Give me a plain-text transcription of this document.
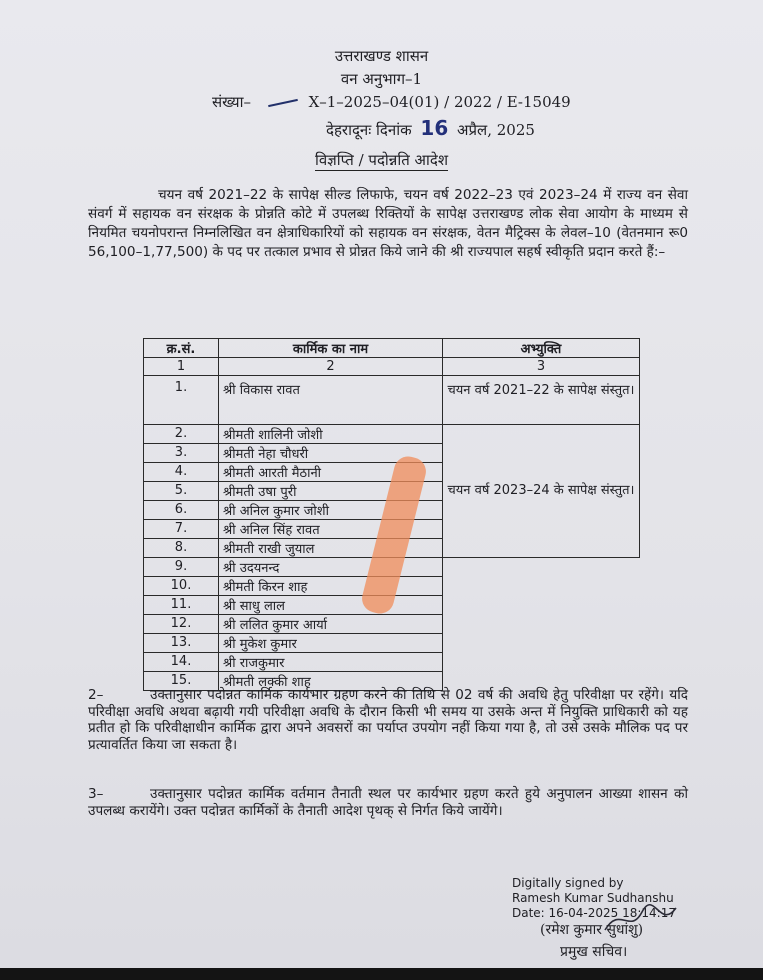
उत्तराखण्ड शासन
वन अनुभाग–1
संख्या–	X–1–2025–04(01) / 2022 / E-15049
देहरादूनः दिनांक 16 अप्रैल, 2025
विज्ञप्ति / पदोन्नति आदेश
चयन वर्ष 2021–22 के सापेक्ष सील्ड लिफाफे, चयन वर्ष 2022–23 एवं 2023–24 में राज्य वन सेवा संवर्ग में सहायक वन संरक्षक के प्रोन्नति कोटे में उपलब्ध रिक्तियों के सापेक्ष उत्तराखण्ड लोक सेवा आयोग के माध्यम से नियमित चयनोपरान्त निम्नलिखित वन क्षेत्राधिकारियों को सहायक वन संरक्षक, वेतन मैट्रिक्स के लेवल–10 (वेतनमान रू0 56,100–1,77,500) के पद पर तत्काल प्रभाव से प्रोन्नत किये जाने की श्री राज्यपाल सहर्ष स्वीकृति प्रदान करते हैं:–
क्र.सं.	कार्मिक का नाम	अभ्युक्ति
1	2	3
1.	श्री विकास रावत	चयन वर्ष 2021–22 के सापेक्ष संस्तुत।
2.	श्रीमती शालिनी जोशी	चयन वर्ष 2023–24 के सापेक्ष संस्तुत।
3.	श्रीमती नेहा चौधरी	
4.	श्रीमती आरती मैठानी	
5.	श्रीमती उषा पुरी	
6.	श्री अनिल कुमार जोशी	
7.	श्री अनिल सिंह रावत	
8.	श्रीमती राखी जुयाल	
9.	श्री उदयनन्द	
10.	श्रीमती किरन शाह	
11.	श्री साधु लाल	
12.	श्री ललित कुमार आर्या	
13.	श्री मुकेश कुमार	
14.	श्री राजकुमार	
15.	श्रीमती लक्की शाह	
2–	उक्तानुसार पदोन्नत कार्मिक कार्यभार ग्रहण करने की तिथि से 02 वर्ष की अवधि हेतु परिवीक्षा पर रहेंगे। यदि परिवीक्षा अवधि अथवा बढ़ायी गयी परिवीक्षा अवधि के दौरान किसी भी समय या उसके अन्त में नियुक्ति प्राधिकारी को यह प्रतीत हो कि परिवीक्षाधीन कार्मिक द्वारा अपने अवसरों का पर्याप्त उपयोग नहीं किया गया है, तो उसे उसके मौलिक पद पर प्रत्यावर्तित किया जा सकता है।
3–	उक्तानुसार पदोन्नत कार्मिक वर्तमान तैनाती स्थल पर कार्यभार ग्रहण करते हुये अनुपालन आख्या शासन को उपलब्ध करायेंगे। उक्त पदोन्नत कार्मिकों के तैनाती आदेश पृथक् से निर्गत किये जायेंगे।
Digitally signed by
Ramesh Kumar Sudhanshu
Date: 16-04-2025 18:14:17
(रमेश कुमार सुधांशु)
प्रमुख सचिव।
